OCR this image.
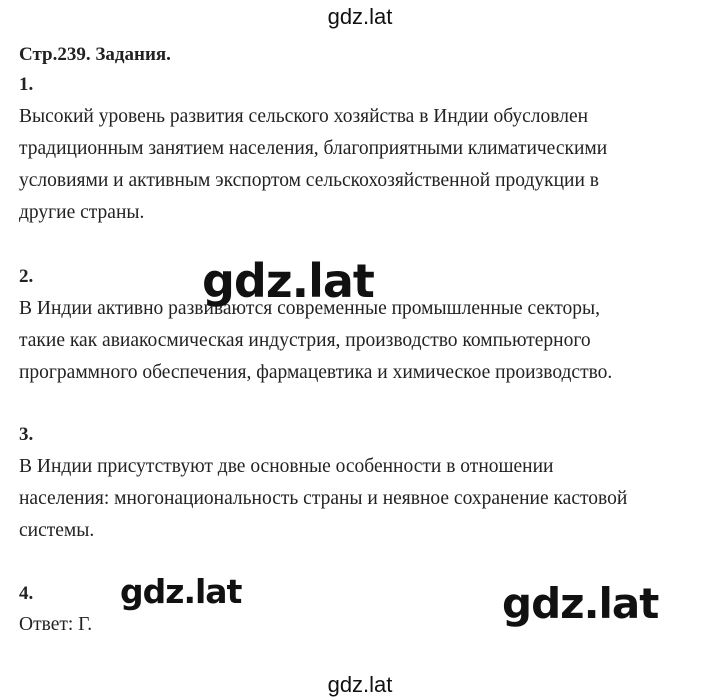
gdz.lat
Стр.239. Задания.
1.
Высокий уровень развития сельского хозяйства в Индии обусловлен
традиционным занятием населения, благоприятными климатическими
условиями и активным экспортом сельскохозяйственной продукции в
другие страны.
2.
В Индии активно развиваются современные промышленные секторы,
такие как авиакосмическая индустрия, производство компьютерного
программного обеспечения, фармацевтика и химическое производство.
3.
В Индии присутствуют две основные особенности в отношении
населения: многонациональность страны и неявное сохранение кастовой
системы.
4.
Ответ: Г.
gdz.lat
gdz.lat	gdz.lat
gdz.lat
